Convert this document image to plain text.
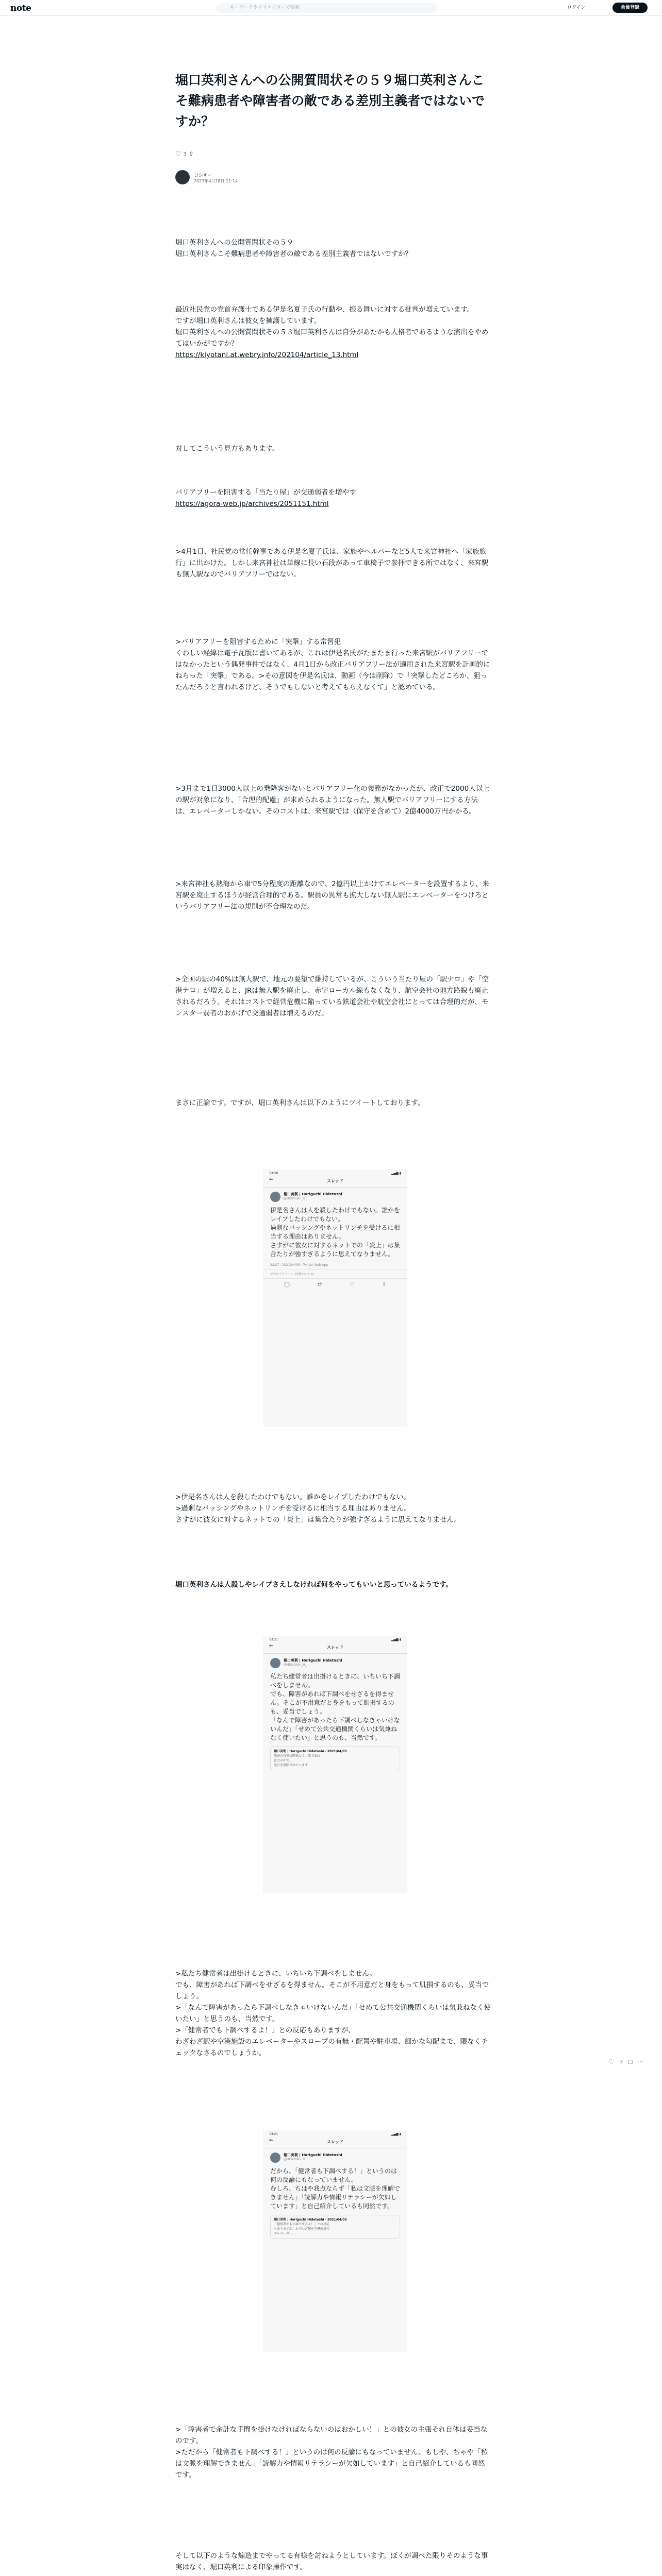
note	キーワードやクリエイターで検索	ログイン	会員登録
堀口英利さんへの公開質問状その５９堀口英利さんこそ難病患者や障害者の敵である差別主義者ではないですか？
♡ 3 ⇪
ヨシキー
2023年4月18日 11:14
堀口英利さんへの公開質問状その５９
堀口英利さんこそ難病患者や障害者の敵である差別主義者ではないですか？
最近社民党の党首弁護士である伊是名夏子氏の行動や、振る舞いに対する批判が増えています。
ですが堀口英利さんは彼女を擁護しています。
堀口英利さんへの公開質問状その５３堀口英利さんは自分があたかも人格者であるような演出をやめてはいかがですか？
https://kiyotani.at.webry.info/202104/article_13.html
対してこういう見方もあります。
バリアフリーを阻害する「当たり屋」が交通弱者を増やす
https://agora-web.jp/archives/2051151.html
>4月1日、社民党の常任幹事である伊是名夏子氏は、家族やヘルパーなど5人で来宮神社へ「家族旅行」に出かけた。しかし来宮神社は単線に長い石段があって車椅子で参拝できる所ではなく、来宮駅も無人駅なのでバリアフリーではない。
>バリアフリーを阻害するために「突撃」する常習犯
くわしい経緯は電子瓦版に書いてあるが、これは伊是名氏がたまたま行った来宮駅がバリアフリーではなかったという偶発事件ではなく、4月1日から改正バリアフリー法が適用された来宮駅を計画的にねらった「突撃」である。>その意図を伊是名氏は、動画（今は削除）で「突撃したどころか、狙ったんだろうと言われるけど、そうでもしないと考えてもらえなくて」と認めている。
>3月まで1日3000人以上の乗降客がないとバリアフリー化の義務がなかったが、改正で2000人以上の駅が対象になり、「合理的配慮」が求められるようになった。無人駅でバリアフリーにする方法は、エレベーターしかない。そのコストは、来宮駅では（保守を含めて）2億4000万円かかる。
>来宮神社も熱海から車で5分程度の距離なので、2億円以上かけてエレベーターを設置するより、来宮駅を廃止するほうが経営合理的である。駅員の異常も拡大しない無人駅にエレベーターをつけろというバリアフリー法の規則が不合理なのだ。
>全国の駅の40%は無人駅で、地元の要望で維持しているが、こういう当たり屋の「駅ナロ」や「空港テロ」が増えると、JRは無人駅を廃止し、赤字ローカル線もなくなり、航空会社の地方路線も廃止されるだろう。それはコストで経営危機に陥っている鉄道会社や航空会社にとっては合理的だが、モンスター弱者のおかげで交通弱者は増えるのだ。
まさに正論です。ですが、堀口英利さんは以下のようにツイートしております。
13:20	▂▄▆ ▮
←	スレッド
堀口英利 | Horiguchi Hidetoshi
@Hidetoshi_H_
伊是名さんは人を殺したわけでもない。誰かをレイプしたわけでもない。
過剰なバッシングやネットリンチを受けるに相当する理由はありません。
さすがに彼女に対するネットでの「炎上」は集合たりが強すぎるように思えてなりません。
22:27 · 2021/04/05 · Twitter Web App
1件のリツイート 26件のいいね
◯	⇄	♡	⇪
>伊是名さんは人を殺したわけでもない。誰かをレイプしたわけでもない。
>過剰なバッシングやネットリンチを受けるに相当する理由はありません。
さすがに彼女に対するネットでの「炎上」は集合たりが強すぎるように思えてなりません。
堀口英利さんは人殺しやレイプさえしなければ何をやってもいいと思っているようです。
13:21	▂▄▆ ▮
←	スレッド
堀口英利 | Horiguchi Hidetoshi
@Hidetoshi_H_
私たち健常者は出掛けるときに、いちいち下調べをしません。
でも、障害があれば下調べをせざるを得ません。そこが不用意だと身をもって肌損するのも、妥当でしょう。
「なんで障害があったら下調べしなきゃいけないんだ」「せめて公共交通機関くらいは気兼ねなく使いたい」と思うのも、当然です。
堀口英利 | Horiguchi Hidetoshi · 2021/04/05
障害の有無は関係なく、誰であれ
社会の中で…
発言を削除されています
>私たち健常者は出掛けるときに、いちいち下調べをしません。
でも、障害があれば下調べをせざるを得ません。そこが不用意だと身をもって肌損するのも、妥当でしょう。
>「なんで障害があったら下調べしなきゃいけないんだ」「せめて公共交通機関くらいは気兼ねなく使いたい」と思うのも、当然です。
>「健常者でも下調べするよ！」との反応もありますが、
わざわざ駅や空港施設のエレベーターやスロープの有無・配置や駐車場、細かな勾配まで、隈なくチェックなさるのでしょうか。
13:21	▂▄▆ ▮
←	スレッド
堀口英利 | Horiguchi Hidetoshi
@Hidetoshi_H_
だから、「健常者も下調べする！」というのは何の反論にもなっていません。
むしろ、ちはや我点ならず「私は文脈を理解できません」「読解力や情報リテラシーが欠如しています」と自己紹介しているも同然です。
堀口英利 | Horiguchi Hidetoshi · 2021/04/05
「健常者でも下調べするよ！」との反応
もありますが、わざわざ駅や空港施設の
エレベーター…
>「障害者で余計な手間を掛けなければならないのはおかしい！」との彼女の主張それ自体は妥当なのです。
>ただから「健常者も下調べする！」というのは何の反論にもなっていません。もしや、ちゃや「私は文脈を理解できません」「読解力や情報リテラシーが欠如しています」と自己紹介しているも同然です。
そして以下のような煽造までやってる有様を討ねようとしています。ぼくが調べた限りそのような事実はなく、堀口英利による印象操作です。
♡ 3 ▢ ⋯
